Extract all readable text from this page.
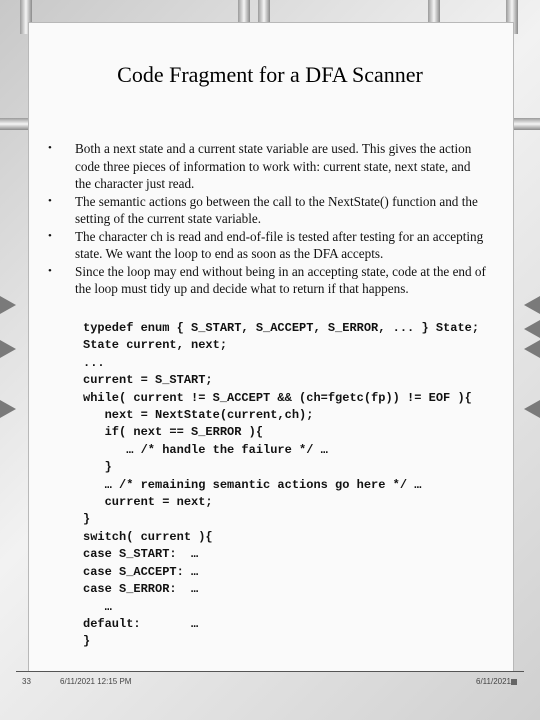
Code Fragment for a DFA Scanner
• Both a next state and a current state variable are used. This gives the action code three pieces of information to work with: current state, next state, and the character just read.
• The semantic actions go between the call to the NextState() function and the setting of the current state variable.
• The character ch is read and end-of-file is tested after testing for an accepting state. We want the loop to end as soon as the DFA accepts.
• Since the loop may end without being in an accepting state, code at the end of the loop must tidy up and decide what to return if that happens.
typedef enum { S_START, S_ACCEPT, S_ERROR, ... } State;
State current, next;
...
current = S_START;
while( current != S_ACCEPT && (ch=fgetc(fp)) != EOF ){
next = NextState(current,ch);
if( next == S_ERROR ){
… /* handle the failure */ …
}
… /* remaining semantic actions go here */ …
current = next;
}
switch( current ){
case S_START:  …
case S_ACCEPT: …
case S_ERROR:  …
…
default:       …
}
33	6/11/2021 12:15 PM	6/11/2021
